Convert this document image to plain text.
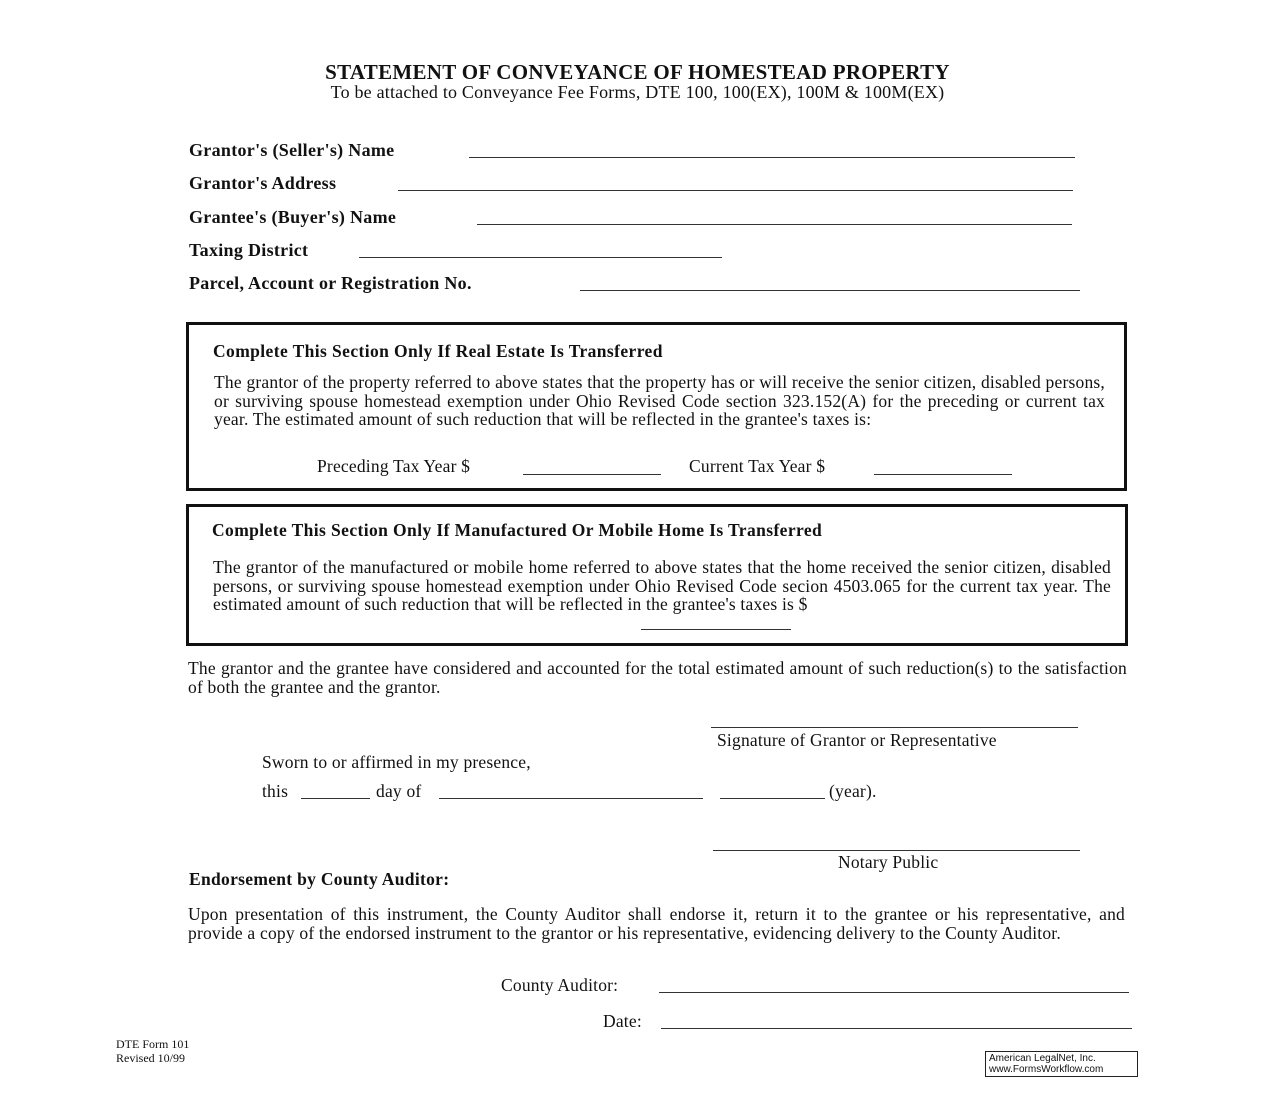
STATEMENT OF CONVEYANCE OF HOMESTEAD PROPERTY
To be attached to Conveyance Fee Forms, DTE 100, 100(EX), 100M & 100M(EX)
Grantor's (Seller's) Name
Grantor's Address
Grantee's (Buyer's) Name
Taxing District
Parcel, Account or Registration No.
Complete This Section Only If Real Estate Is Transferred
The grantor of the property referred to above states that the property has or will receive the senior citizen, disabled persons, or surviving spouse homestead exemption under Ohio Revised Code section 323.152(A) for the preceding or current tax year. The estimated amount of such reduction that will be reflected in the grantee's taxes is:
Preceding Tax Year $	Current Tax Year $
Complete This Section Only If Manufactured Or Mobile Home Is Transferred
The grantor of the manufactured or mobile home referred to above states that the home received the senior citizen, disabled persons, or surviving spouse homestead exemption under Ohio Revised Code secion 4503.065 for the current tax year. The estimated amount of such reduction that will be reflected in the grantee's taxes is $
The grantor and the grantee have considered and accounted for the total estimated amount of such reduction(s) to the satisfaction of both the grantee and the grantor.
Signature of Grantor or Representative
Sworn to or affirmed in my presence,
this	day of	(year).
Notary Public
Endorsement by County Auditor:
Upon presentation of this instrument, the County Auditor shall endorse it, return it to the grantee or his representative, and provide a copy of the endorsed instrument to the grantor or his representative, evidencing delivery to the County Auditor.
County Auditor:
Date:
DTE Form 101
Revised 10/99	American LegalNet, Inc.
www.FormsWorkflow.com
